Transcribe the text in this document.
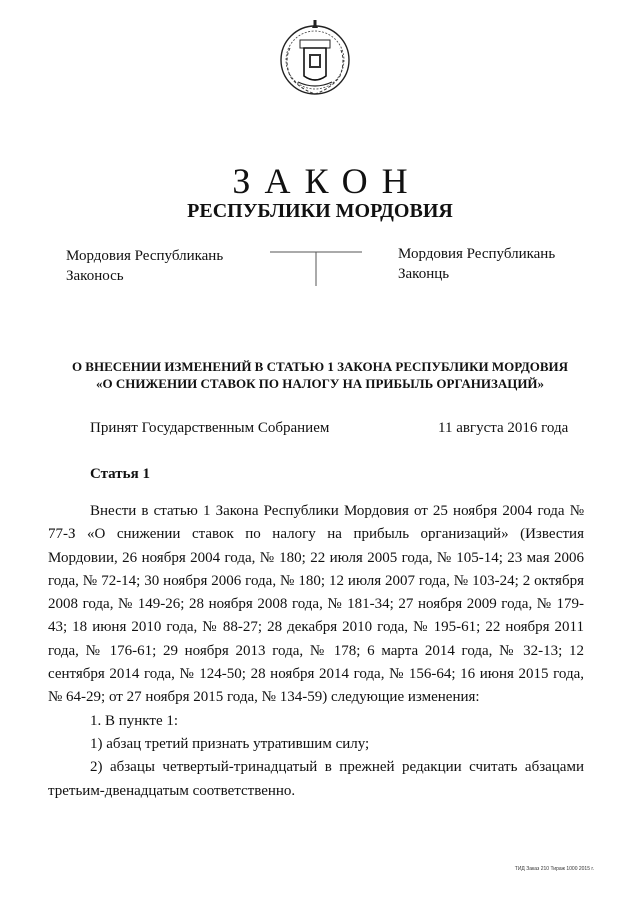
ЗАКОН
РЕСПУБЛИКИ МОРДОВИЯ
Мордовия Республикань
Законось
Мордовия Республикань
Законць
О ВНЕСЕНИИ ИЗМЕНЕНИЙ В СТАТЬЮ 1 ЗАКОНА РЕСПУБЛИКИ МОРДОВИЯ
«О СНИЖЕНИИ СТАВОК ПО НАЛОГУ НА ПРИБЫЛЬ ОРГАНИЗАЦИЙ»
Принят Государственным Собранием	11 августа 2016 года
Статья 1

Внести в статью 1 Закона Республики Мордовия от 25 ноября 2004 года № 77-З «О снижении ставок по налогу на прибыль организаций» (Известия Мордовии, 26 ноября 2004 года, № 180; 22 июля 2005 года, № 105-14; 23 мая 2006 года, № 72-14; 30 ноября 2006 года, № 180; 12 июля 2007 года, № 103-24; 2 октября 2008 года, № 149-26; 28 ноября 2008 года, № 181-34; 27 ноября 2009 года, № 179-43; 18 июня 2010 года, № 88-27; 28 декабря 2010 года, № 195-61; 22 ноября 2011 года, № 176-61; 29 ноября 2013 года, № 178; 6 марта 2014 года, № 32-13; 12 сентября 2014 года, № 124-50; 28 ноября 2014 года, № 156-64; 16 июня 2015 года, № 64-29; от 27 ноября 2015 года, № 134-59) следующие изменения:

1. В пункте 1:

1) абзац третий признать утратившим силу;

2) абзацы четвертый-тринадцатый в прежней редакции считать абзацами третьим-двенадцатым соответственно.

ТИД Заказ 210 Тираж 1000 2015 г.
